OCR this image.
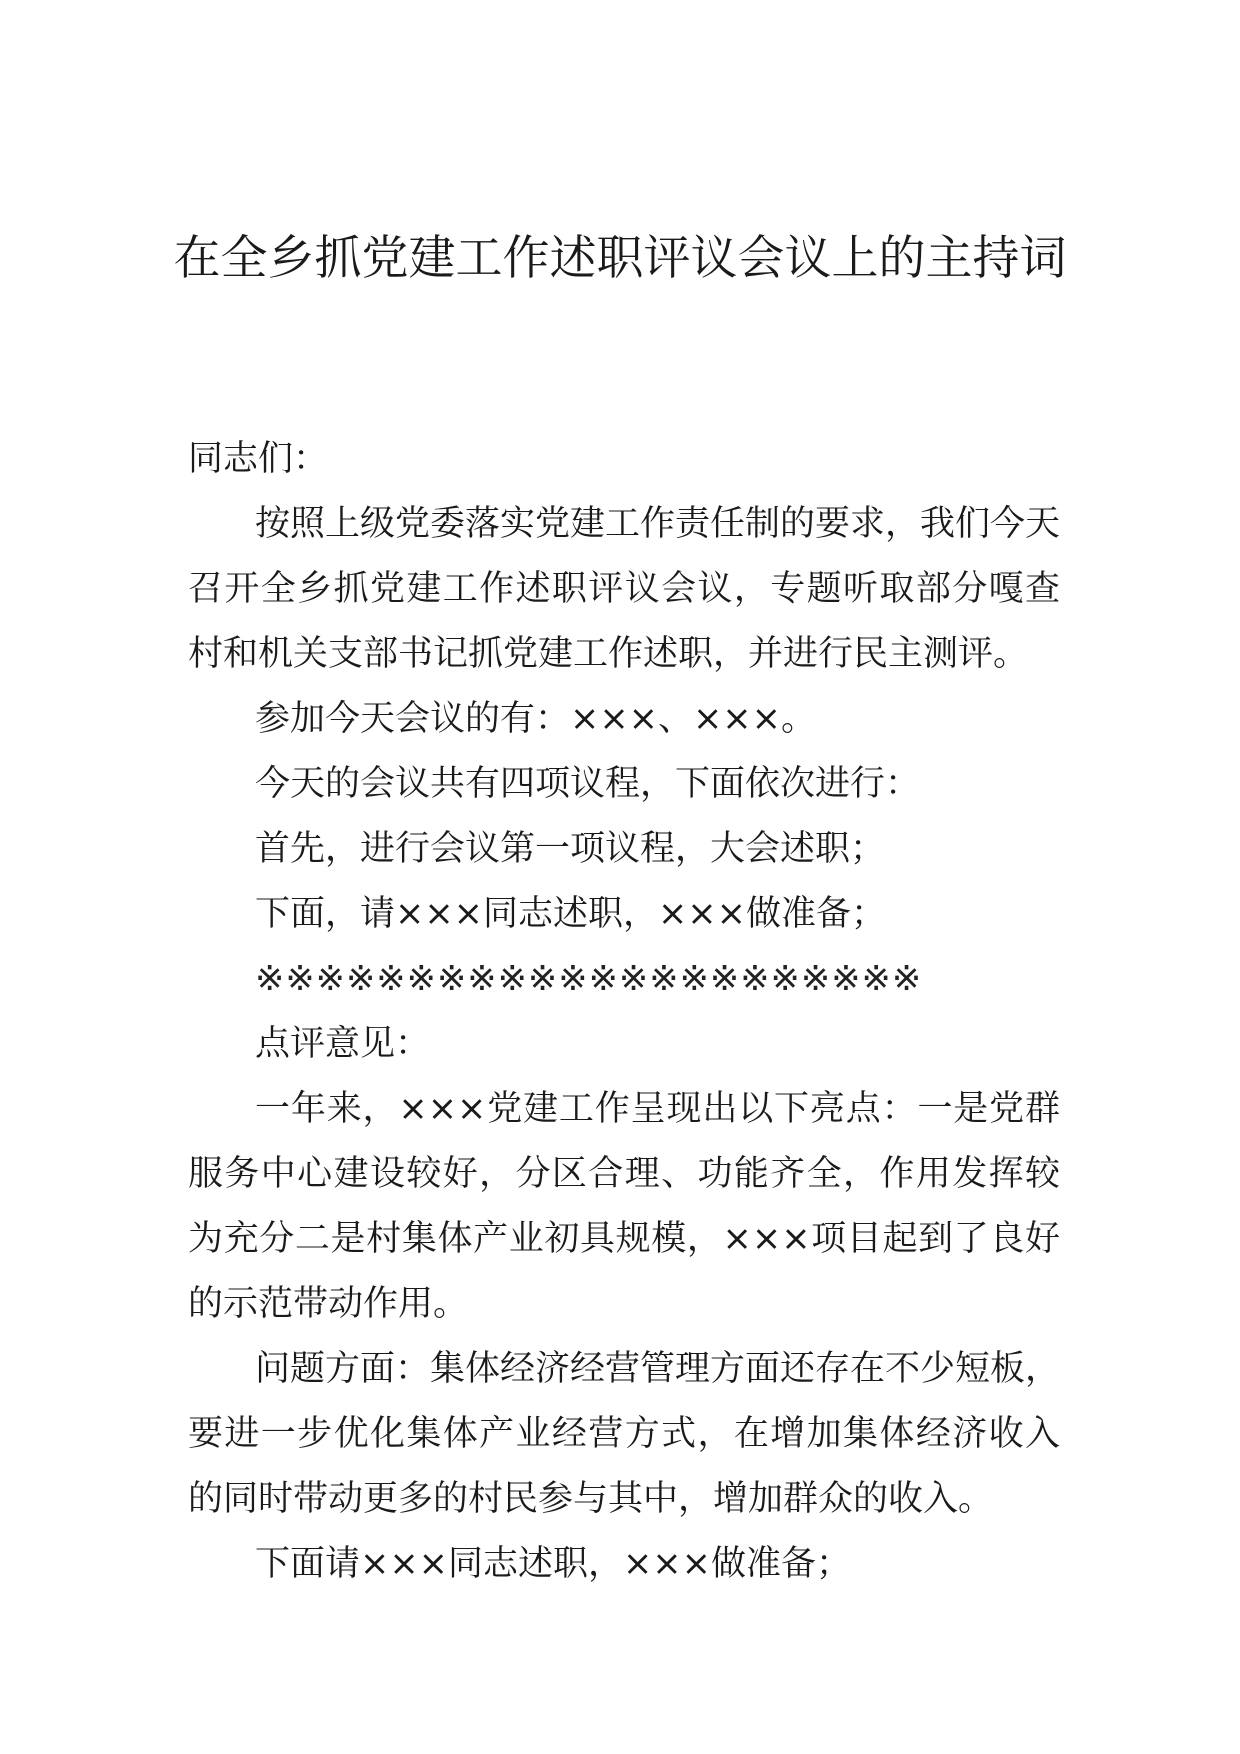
在全乡抓党建工作述职评议会议上的主持词

同志们：

按照上级党委落实党建工作责任制的要求，我们今天召开全乡抓党建工作述职评议会议，专题听取部分嘎查村和机关支部书记抓党建工作述职，并进行民主测评。

参加今天会议的有：×××、×××。

今天的会议共有四项议程，下面依次进行：

首先，进行会议第一项议程，大会述职；

下面，请×××同志述职，×××做准备；

※※※※※※※※※※※※※※※※※※※※※※

点评意见：

一年来，×××党建工作呈现出以下亮点：一是党群服务中心建设较好，分区合理、功能齐全，作用发挥较为充分二是村集体产业初具规模，×××项目起到了良好的示范带动作用。

问题方面：集体经济经营管理方面还存在不少短板，要进一步优化集体产业经营方式，在增加集体经济收入的同时带动更多的村民参与其中，增加群众的收入。

下面请×××同志述职，×××做准备；
